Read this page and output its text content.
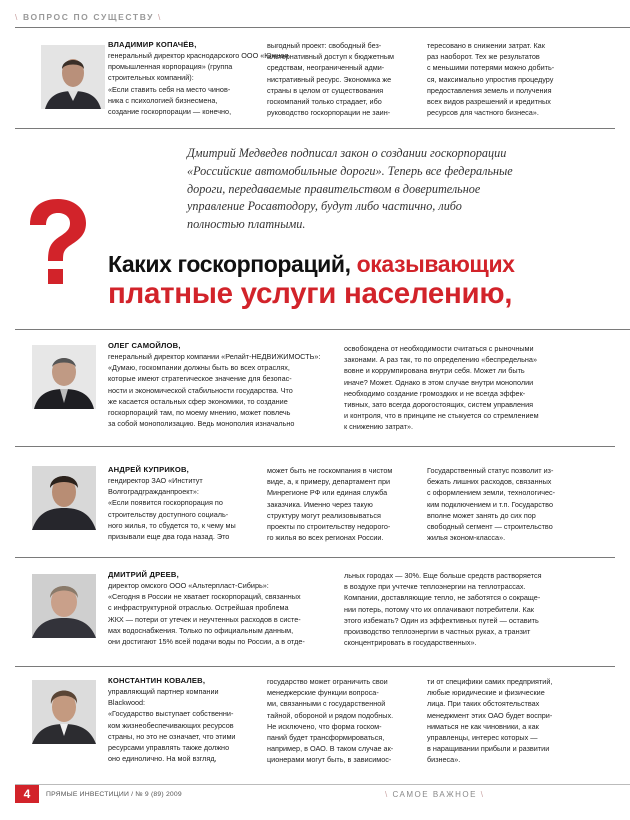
\ ВОПРОС ПО СУЩЕСТВУ \
ВЛАДИМИР КОПАЧЁВ,
генеральный директор краснодарского ООО «Южная
промышленная корпорация» (группа
строительных компаний):
«Если ставить себя на место чинов-
ника с психологией бизнесмена,
создание госкорпорации — конечно,
выгодный проект: свободный без-
альтернативный доступ к бюджетным
средствам, неограниченный адми-
нистративный ресурс. Экономика же
страны в целом от существования
госкомпаний только страдает, ибо
руководство госкорпорации не заин-
тересовано в снижении затрат. Как
раз наоборот. Тех же результатов
с меньшими потерями можно добить-
ся, максимально упростив процедуру
предоставления земель и получения
всех видов разрешений и кредитных
ресурсов для частного бизнеса».
Дмитрий Медведев подписал закон о создании госкорпорации
«Российские автомобильные дороги». Теперь все федеральные
дороги, передаваемые правительством в доверительное
управление Росавтодору, будут либо частично, либо
полностью платными.
Каких госкорпораций, оказывающих
платные услуги населению,
ОЛЕГ САМОЙЛОВ,
генеральный директор компании «Релайт-НЕДВИЖИМОСТЬ»:
«Думаю, госкомпании должны быть во всех отраслях,
которые имеют стратегическое значение для безопас-
ности и экономической стабильности государства. Что
же касается остальных сфер экономики, то создание
госкорпораций там, по моему мнению, может повлечь
за собой монополизацию. Ведь монополия изначально
освобождена от необходимости считаться с рыночными
законами. А раз так, то по определению «беспредельна»
вовне и коррумпирована внутри себя. Может ли быть
иначе? Может. Однако в этом случае внутри монополии
необходимо создание громоздких и не всегда эффек-
тивных, зато всегда дорогостоящих, систем управления
и контроля, что в принципе не стыкуется со стремлением
к снижению затрат».
АНДРЕЙ КУПРИКОВ,
гендиректор ЗАО «Институт
Волгоградгражданпроект»:
«Если появится госкорпорация по
строительству доступного социаль-
ного жилья, то сбудется то, к чему мы
призывали еще два года назад. Это
может быть не госкомпания в чистом
виде, а, к примеру, департамент при
Минрегионе РФ или единая служба
заказчика. Именно через такую
структуру могут реализовываться
проекты по строительству недорого-
го жилья во всех регионах России.
Государственный статус позволит из-
бежать лишних расходов, связанных
с оформлением земли, технологичес-
ким подключением и т.п. Государство
вполне может занять до сих пор
свободный сегмент — строительство
жилья эконом-класса».
ДМИТРИЙ ДРЕЕВ,
директор омского ООО «Альтерпласт-Сибирь»:
«Сегодня в России не хватает госкорпораций, связанных
с инфраструктурной отраслью. Острейшая проблема
ЖКХ — потери от утечек и неучтенных расходов в систе-
мах водоснабжения. Только по официальным данным,
они достигают 15% всей подачи воды по России, а в отде-
льных городах — 30%. Еще больше средств растворяется
в воздухе при учтечке теплоэнергии на теплотрассах.
Компании, доставляющие тепло, не заботятся о сокраще-
нии потерь, потому что их оплачивают потребители. Как
этого избежать? Один из эффективных путей — оставить
производство теплоэнергии в частных руках, а транзит
сконцентрировать в государственных».
КОНСТАНТИН КОВАЛЕВ,
управляющий партнер компании
Blackwood:
«Государство выступает собственни-
ком жизнеобеспечивающих ресурсов
страны, но это не означает, что этими
ресурсами управлять также должно
оно единолично. На мой взгляд,
государство может ограничить свои
менеджерские функции вопроса-
ми, связанными с государственной
тайной, обороной и рядом подобных.
Не исключено, что форма госком-
паний будет трансформироваться,
например, в ОАО. В таком случае ак-
ционерами могут быть, в зависимос-
ти от специфики самих предприятий,
любые юридические и физические
лица. При таких обстоятельствах
менеджмент этих ОАО будет воспри-
ниматься не как чиновники, а как
управленцы, интерес которых —
в наращивании прибыли и развитии
бизнеса».
4	ПРЯМЫЕ ИНВЕСТИЦИИ / № 9 (89) 2009	\ САМОЕ ВАЖНОЕ \
